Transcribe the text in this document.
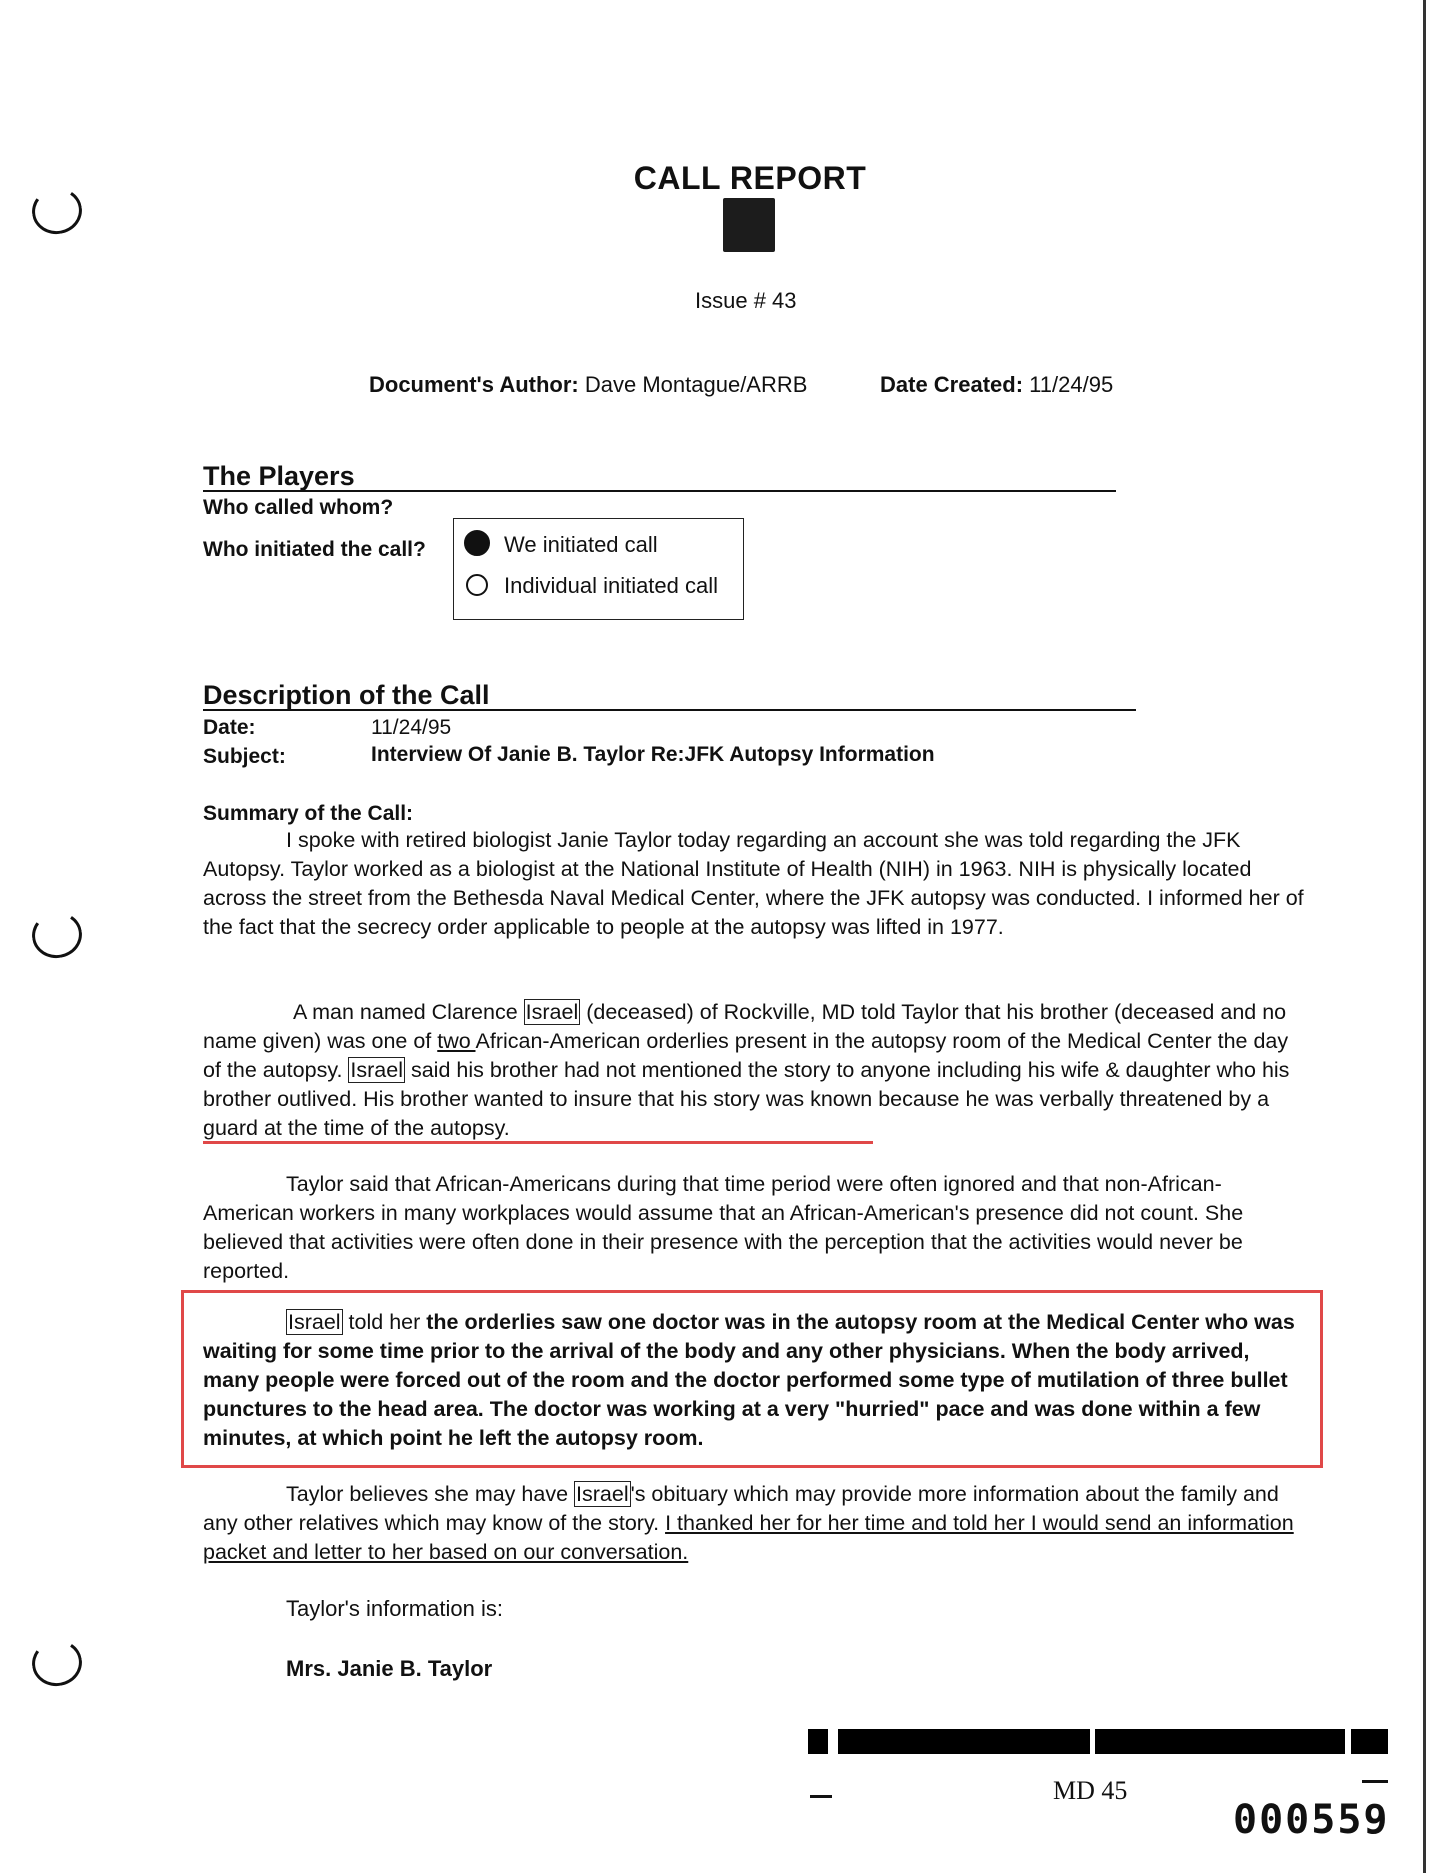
CALL REPORT
Issue # 43
Document's Author: Dave Montague/ARRB	Date Created: 11/24/95
The Players
Who called whom?
Who initiated the call?	We initiated call
Individual initiated call
Description of the Call
Date:	11/24/95
Subject:	Interview Of Janie B. Taylor Re:JFK Autopsy Information
Summary of the Call:

I spoke with retired biologist Janie Taylor today regarding an account she was told regarding the JFK Autopsy. Taylor worked as a biologist at the National Institute of Health (NIH) in 1963. NIH is physically located across the street from the Bethesda Naval Medical Center, where the JFK autopsy was conducted. I informed her of the fact that the secrecy order applicable to people at the autopsy was lifted in 1977.

A man named Clarence Israel (deceased) of Rockville, MD told Taylor that his brother (deceased and no name given) was one of two African-American orderlies present in the autopsy room of the Medical Center the day of the autopsy. Israel said his brother had not mentioned the story to anyone including his wife & daughter who his brother outlived. His brother wanted to insure that his story was known because he was verbally threatened by a guard at the time of the autopsy.

Taylor said that African-Americans during that time period were often ignored and that non-African-American workers in many workplaces would assume that an African-American's presence did not count. She believed that activities were often done in their presence with the perception that the activities would never be reported.

Israel told her the orderlies saw one doctor was in the autopsy room at the Medical Center who was waiting for some time prior to the arrival of the body and any other physicians. When the body arrived, many people were forced out of the room and the doctor performed some type of mutilation of three bullet punctures to the head area. The doctor was working at a very "hurried" pace and was done within a few minutes, at which point he left the autopsy room.

Taylor believes she may have Israel's obituary which may provide more information about the family and any other relatives which may know of the story. I thanked her for her time and told her I would send an information packet and letter to her based on our conversation.

Taylor's information is:
Mrs. Janie B. Taylor
MD 45
000559
